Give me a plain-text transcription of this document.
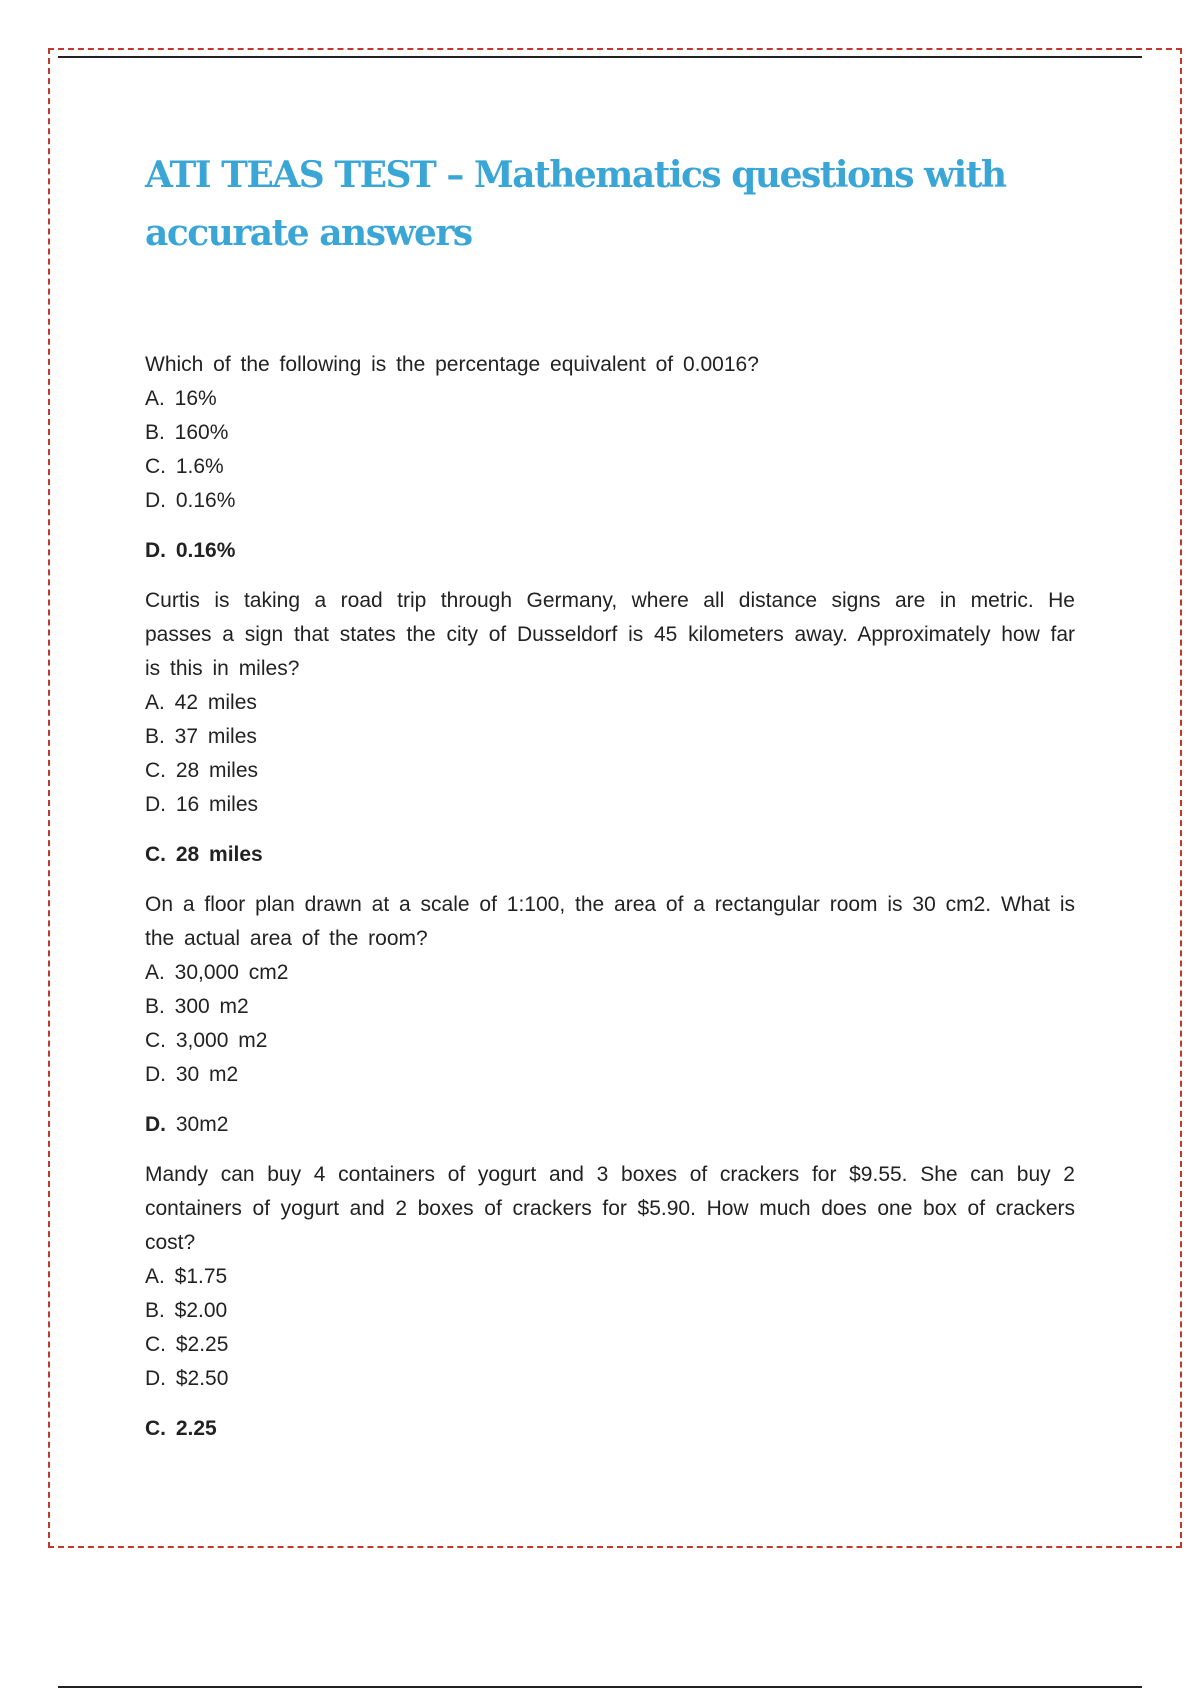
ATI TEAS TEST – Mathematics questions with accurate answers
Which of the following is the percentage equivalent of 0.0016?
A. 16%
B. 160%
C. 1.6%
D. 0.16%
D. 0.16%
Curtis is taking a road trip through Germany, where all distance signs are in metric. He passes a sign that states the city of Dusseldorf is 45 kilometers away. Approximately how far is this in miles?
A. 42 miles
B. 37 miles
C. 28 miles
D. 16 miles
C. 28 miles
On a floor plan drawn at a scale of 1:100, the area of a rectangular room is 30 cm2. What is the actual area of the room?
A. 30,000 cm2
B. 300 m2
C. 3,000 m2
D. 30 m2
D. 30m2
Mandy can buy 4 containers of yogurt and 3 boxes of crackers for $9.55. She can buy 2 containers of yogurt and 2 boxes of crackers for $5.90. How much does one box of crackers cost?
A. $1.75
B. $2.00
C. $2.25
D. $2.50
C. 2.25
